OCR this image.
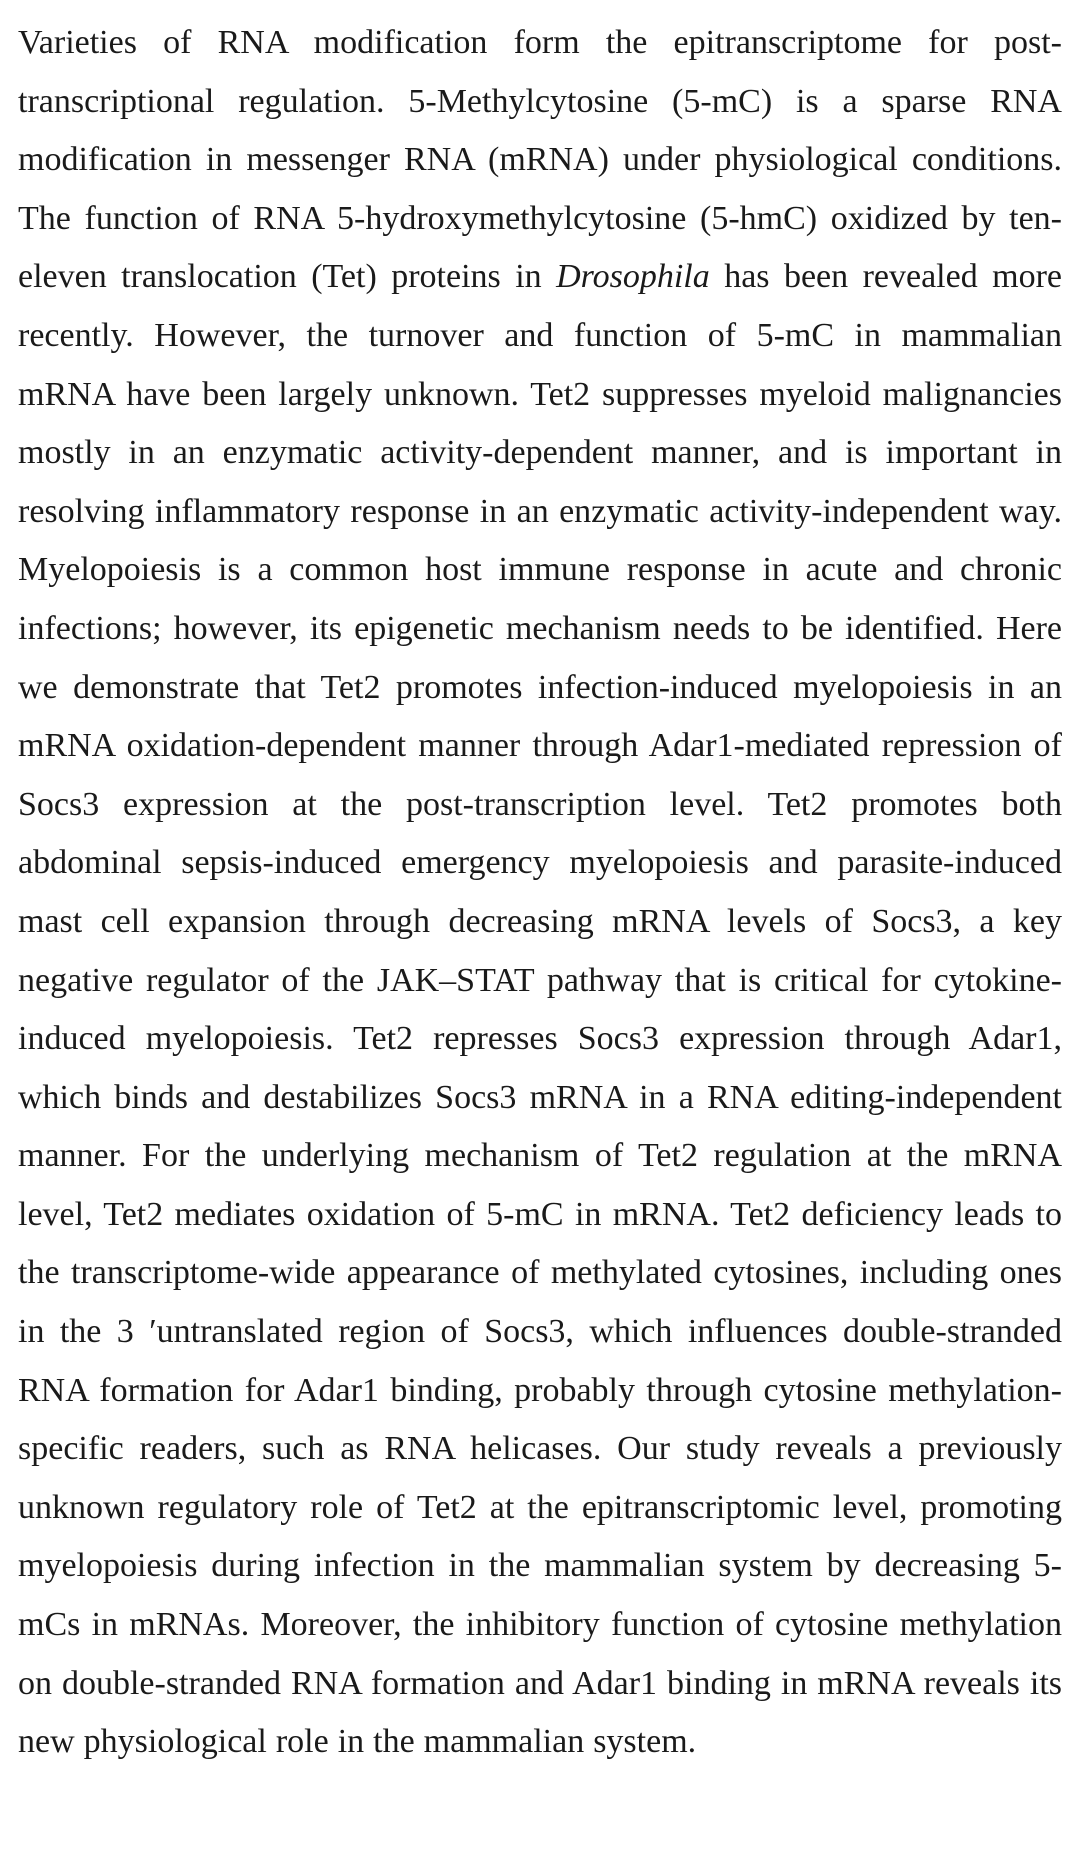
Varieties of RNA modification form the epitranscriptome for post-transcriptional regulation. 5-Methylcytosine (5-mC) is a sparse RNA modification in messenger RNA (mRNA) under physiological conditions. The function of RNA 5-hydroxymethylcytosine (5-hmC) oxidized by ten-eleven translocation (Tet) proteins in Drosophila has been revealed more recently. However, the turnover and function of 5-mC in mammalian mRNA have been largely unknown. Tet2 suppresses myeloid malignancies mostly in an enzymatic activity-dependent manner, and is important in resolving inflammatory response in an enzymatic activity-independent way. Myelopoiesis is a common host immune response in acute and chronic infections; however, its epigenetic mechanism needs to be identified. Here we demonstrate that Tet2 promotes infection-induced myelopoiesis in an mRNA oxidation-dependent manner through Adar1-mediated repression of Socs3 expression at the post-transcription level. Tet2 promotes both abdominal sepsis-induced emergency myelopoiesis and parasite-induced mast cell expansion through decreasing mRNA levels of Socs3, a key negative regulator of the JAK–STAT pathway that is critical for cytokine-induced myelopoiesis. Tet2 represses Socs3 expression through Adar1, which binds and destabilizes Socs3 mRNA in a RNA editing-independent manner. For the underlying mechanism of Tet2 regulation at the mRNA level, Tet2 mediates oxidation of 5-mC in mRNA. Tet2 deficiency leads to the transcriptome-wide appearance of methylated cytosines, including ones in the 3 ′untranslated region of Socs3, which influences double-stranded RNA formation for Adar1 binding, probably through cytosine methylation-specific readers, such as RNA helicases. Our study reveals a previously unknown regulatory role of Tet2 at the epitranscriptomic level, promoting myelopoiesis during infection in the mammalian system by decreasing 5-mCs in mRNAs. Moreover, the inhibitory function of cytosine methylation on double-stranded RNA formation and Adar1 binding in mRNA reveals its new physiological role in the mammalian system.
